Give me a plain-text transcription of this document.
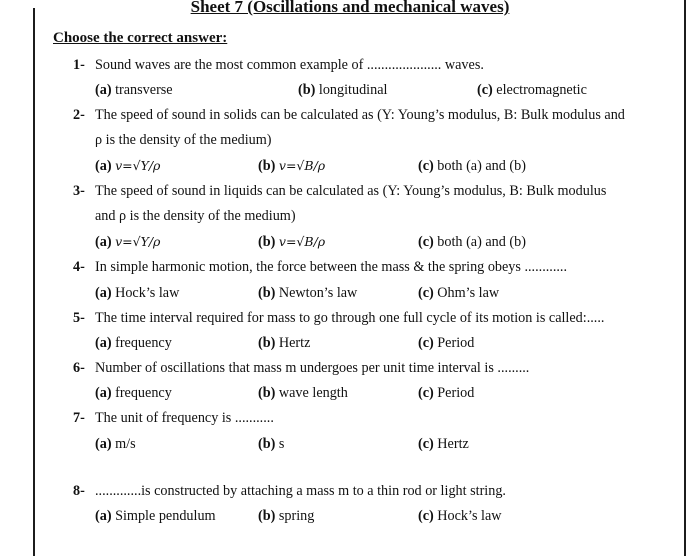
Sheet 7 (Oscillations and mechanical waves)
Choose the correct answer:
1- Sound waves are the most common example of ..................... waves.
(a) transverse	(b) longitudinal	(c) electromagnetic
2- The speed of sound in solids can be calculated as (Y: Young’s modulus, B: Bulk modulus and
ρ is the density of the medium)
(a) v=√Y/ρ	(b) v=√B/ρ	(c) both (a) and (b)
3- The speed of sound in liquids can be calculated as (Y: Young’s modulus, B: Bulk modulus
and ρ is the density of the medium)
(a) v=√Y/ρ	(b) v=√B/ρ	(c) both (a) and (b)
4- In simple harmonic motion, the force between the mass & the spring obeys ............
(a) Hock’s law	(b) Newton’s law	(c) Ohm’s law
5- The time interval required for mass to go through one full cycle of its motion is called:.....
(a) frequency	(b) Hertz	(c) Period
6- Number of oscillations that mass m undergoes per unit time interval is .........
(a) frequency	(b) wave length	(c) Period
7- The unit of frequency is ...........
(a) m/s	(b) s	(c) Hertz
8- .............is constructed by attaching a mass m to a thin rod or light string.
(a) Simple pendulum	(b) spring	(c) Hock’s law
